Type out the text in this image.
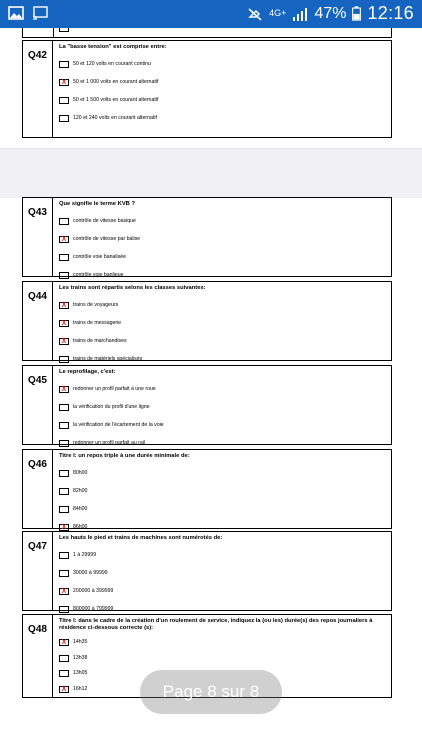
4G+ 47% 12:16
Q42
La "basse tension" est comprise entre:
50 et 120 volts en courant continu
X
50 et 1 000 volts en courant alternatif
50 et 1 500 volts en courant alternatif
120 et 240 volts en courant alternatif
Q43
Que signifie le terme KVB ?
contrôle de vitesse basique
X
contrôle de vitesse par balise
contrôle voie banalisée
contrôle voie banlieue
Q44
Les trains sont répartis selons les classes suivantes:
X
trains de voyageurs
X
trains de messagerie
X
trains de marchandises
trains de matériels spécialisés
Q45
Le reprofilage, c'est:
X
redonner un profil parfait à une roue
la vérification du profil d'une ligne
la vérification de l'écartement de la voie
redonner un profil parfait au rail
Q46
Titre I: un repos triple à une durée minimale de:
80h00
82h00
84h00
X
86h00
Q47
Les hauts le pied et trains de machines sont numérotés de:
1 à 29999
30000 à 99999
X
200000 à 399999
800000 à 799999
Q48
Titre I: dans le cadre de la création d'un roulement de service, indiquez la (ou les) durée(s) des repos journaliers à résidence ci-dessous correcte (s):
X
14h35
13h38
13h05
X
16h12	Page 8 sur 8
